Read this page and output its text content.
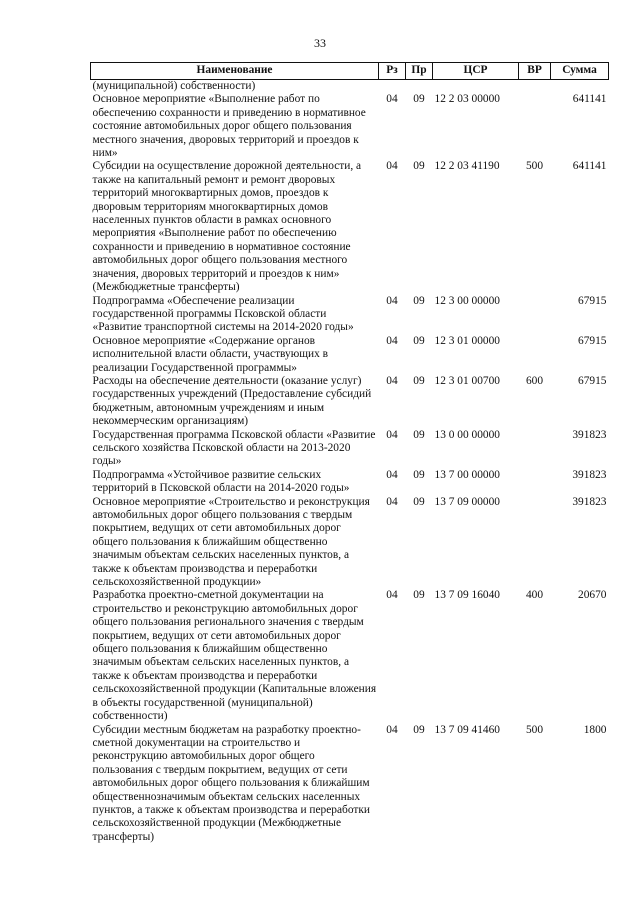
33
Наименование	Рз	Пр	ЦСР	ВР	Сумма
(муниципальной) собственности)					
Основное мероприятие «Выполнение работ по обеспечению сохранности и приведению в нормативное состояние автомобильных дорог общего пользования местного значения, дворовых территорий и проездов к ним»	04	09	12 2 03 00000		641141
Субсидии на осуществление дорожной деятельности, а также на капитальный ремонт и ремонт дворовых территорий многоквартирных домов, проездов к дворовым территориям многоквартирных домов населенных пунктов области в рамках основного мероприятия «Выполнение работ по обеспечению сохранности и приведению в нормативное состояние автомобильных дорог общего пользования местного значения, дворовых территорий и проездов к ним» (Межбюджетные трансферты)	04	09	12 2 03 41190	500	641141
Подпрограмма «Обеспечение реализации государственной программы Псковской области «Развитие транспортной системы на 2014-2020 годы»	04	09	12 3 00 00000		67915
Основное мероприятие «Содержание органов исполнительной власти области, участвующих в реализации Государственной программы»	04	09	12 3 01 00000		67915
Расходы на обеспечение деятельности (оказание услуг) государственных учреждений (Предоставление субсидий бюджетным, автономным учреждениям и иным некоммерческим организациям)	04	09	12 3 01 00700	600	67915
Государственная программа Псковской области «Развитие сельского хозяйства Псковской области на 2013-2020 годы»	04	09	13 0 00 00000		391823
Подпрограмма «Устойчивое развитие сельских территорий в Псковской области на 2014-2020 годы»	04	09	13 7 00 00000		391823
Основное мероприятие «Строительство и реконструкция автомобильных дорог общего пользования с твердым покрытием, ведущих от сети автомобильных дорог общего пользования к ближайшим общественно значимым объектам сельских населенных пунктов, а также к объектам производства и переработки сельскохозяйственной продукции»	04	09	13 7 09 00000		391823
Разработка проектно-сметной документации на строительство и реконструкцию автомобильных дорог общего пользования регионального значения с твердым покрытием, ведущих от сети автомобильных дорог общего пользования к ближайшим общественно значимым объектам сельских населенных пунктов, а также к объектам производства и переработки сельскохозяйственной продукции (Капитальные вложения в объекты государственной (муниципальной) собственности)	04	09	13 7 09 16040	400	20670
Субсидии местным бюджетам на разработку проектно-сметной документации на строительство и реконструкцию автомобильных дорог общего пользования с твердым покрытием, ведущих от сети автомобильных дорог общего пользования к ближайшим общественнозначимым объектам сельских населенных пунктов, а также к объектам производства и переработки сельскохозяйственной продукции (Межбюджетные трансферты)	04	09	13 7 09 41460	500	1800
